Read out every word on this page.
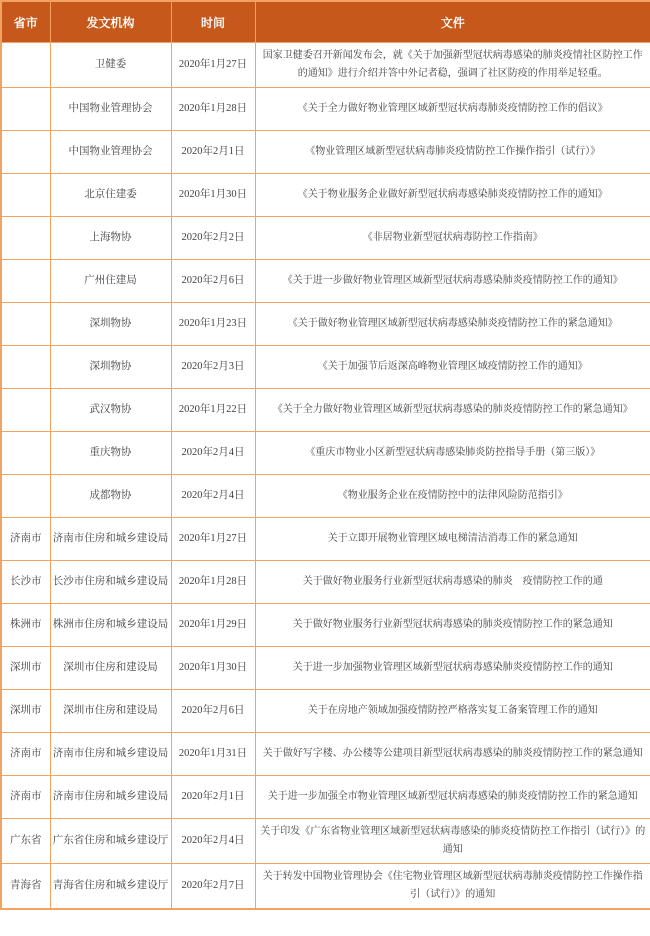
省市	发文机构	时间	文件
	卫健委	2020年1月27日	国家卫健委召开新闻发布会，就《关于加强新型冠状病毒感染的肺炎疫情社区防控工作的通知》进行介绍并答中外记者稳，强调了社区防疫的作用举足轻重。
	中国物业管理协会	2020年1月28日	《关于全力做好物业管理区域新型冠状病毒肺炎疫情防控工作的倡议》
	中国物业管理协会	2020年2月1日	《物业管理区域新型冠状病毒肺炎疫情防控工作操作指引（试行）》
	北京住建委	2020年1月30日	《关于物业服务企业做好新型冠状病毒感染肺炎疫情防控工作的通知》
	上海物协	2020年2月2日	《非居物业新型冠状病毒防控工作指南》
	广州住建局	2020年2月6日	《关于进一步做好物业管理区域新型冠状病毒感染肺炎疫情防控工作的通知》
	深圳物协	2020年1月23日	《关于做好物业管理区域新型冠状病毒感染肺炎疫情防控工作的紧急通知》
	深圳物协	2020年2月3日	《关于加强节后返深高峰物业管理区域疫情防控工作的通知》
	武汉物协	2020年1月22日	《关于全力做好物业管理区域新型冠状病毒感染的肺炎疫情防控工作的紧急通知》
	重庆物协	2020年2月4日	《重庆市物业小区新型冠状病毒感染肺炎防控指导手册（第三版）》
	成都物协	2020年2月4日	《物业服务企业在疫情防控中的法律风险防范指引》
济南市	济南市住房和城乡建设局	2020年1月27日	关于立即开展物业管理区域电梯清洁消毒工作的紧急通知
长沙市	长沙市住房和城乡建设局	2020年1月28日	关于做好物业服务行业新型冠状病毒感染的肺炎　疫情防控工作的通
株洲市	株洲市住房和城乡建设局	2020年1月29日	关于做好物业服务行业新型冠状病毒感染的肺炎疫情防控工作的紧急通知
深圳市	深圳市住房和建设局	2020年1月30日	关于进一步加强物业管理区域新型冠状病毒感染肺炎疫情防控工作的通知
深圳市	深圳市住房和建设局	2020年2月6日	关于在房地产领域加强疫情防控严格落实复工备案管理工作的通知
济南市	济南市住房和城乡建设局	2020年1月31日	关于做好写字楼、办公楼等公建项目新型冠状病毒感染的肺炎疫情防控工作的紧急通知
济南市	济南市住房和城乡建设局	2020年2月1日	关于进一步加强全市物业管理区域新型冠状病毒感染的肺炎疫情防控工作的紧急通知
广东省	广东省住房和城乡建设厅	2020年2月4日	关于印发《广东省物业管理区域新型冠状病毒感染的肺炎疫情防控工作指引（试行）》的通知
青海省	青海省住房和城乡建设厅	2020年2月7日	关于转发中国物业管理协会《住宅物业管理区域新型冠状病毒肺炎疫情防控工作操作指引（试行）》的通知
